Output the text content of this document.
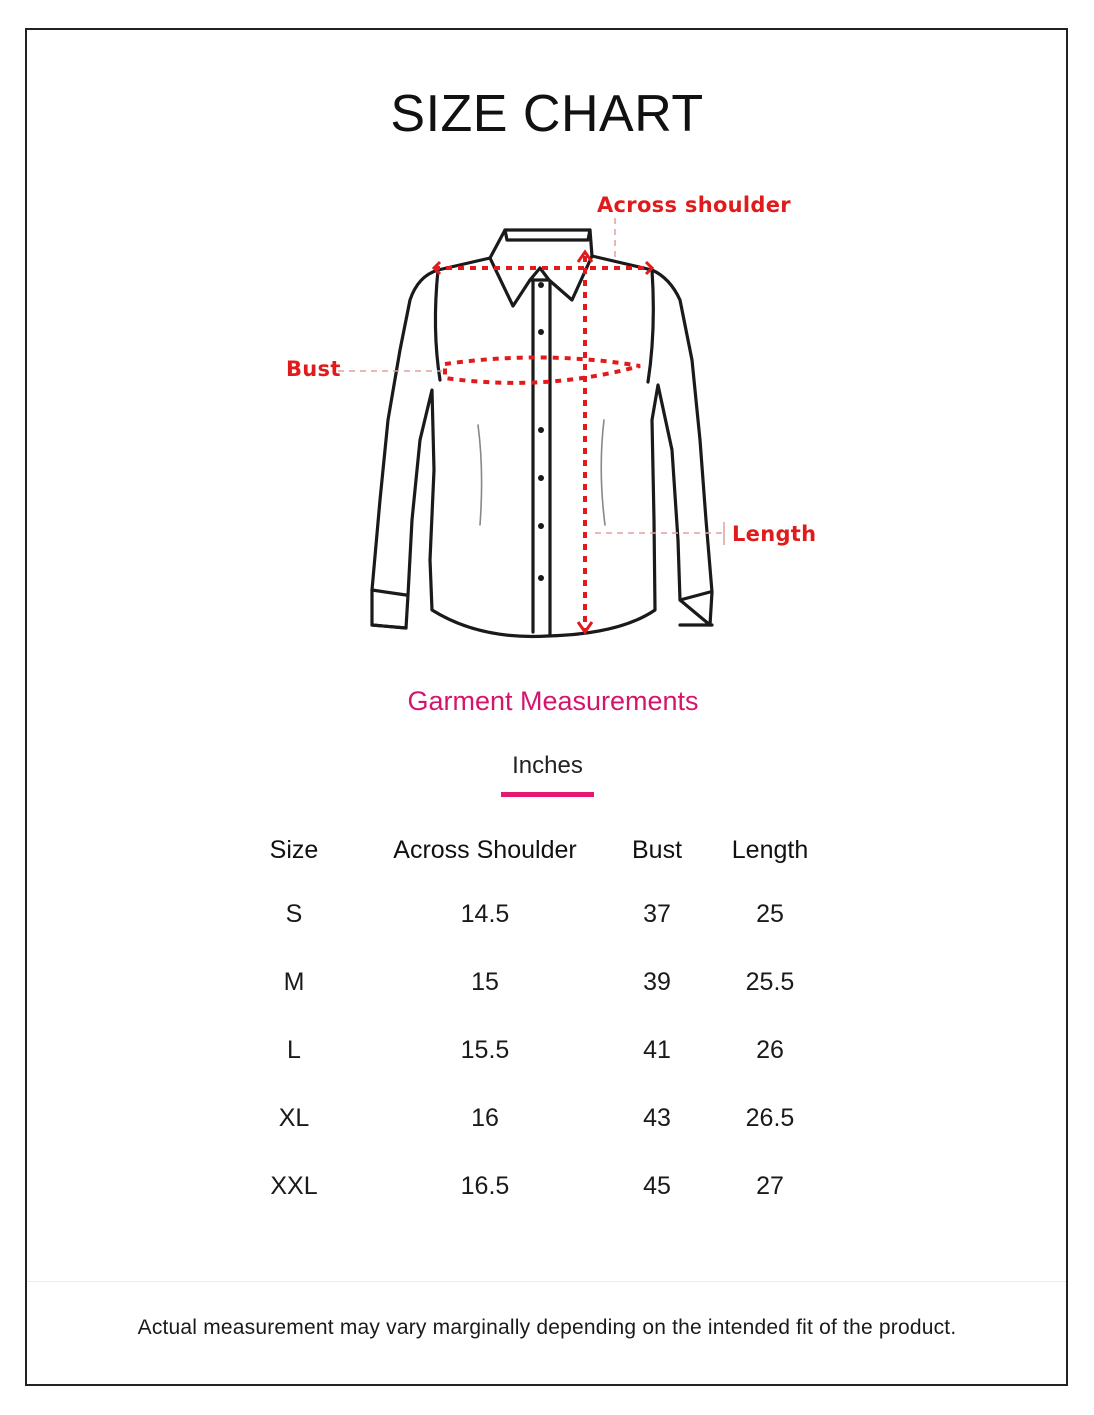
SIZE CHART
Across shoulder
Bust
Length
Garment Measurements
Inches
Size	Across Shoulder	Bust	Length
S	14.5	37	25
M	15	39	25.5
L	15.5	41	26
XL	16	43	26.5
XXL	16.5	45	27
Actual measurement may vary marginally depending on the intended fit of the product.
